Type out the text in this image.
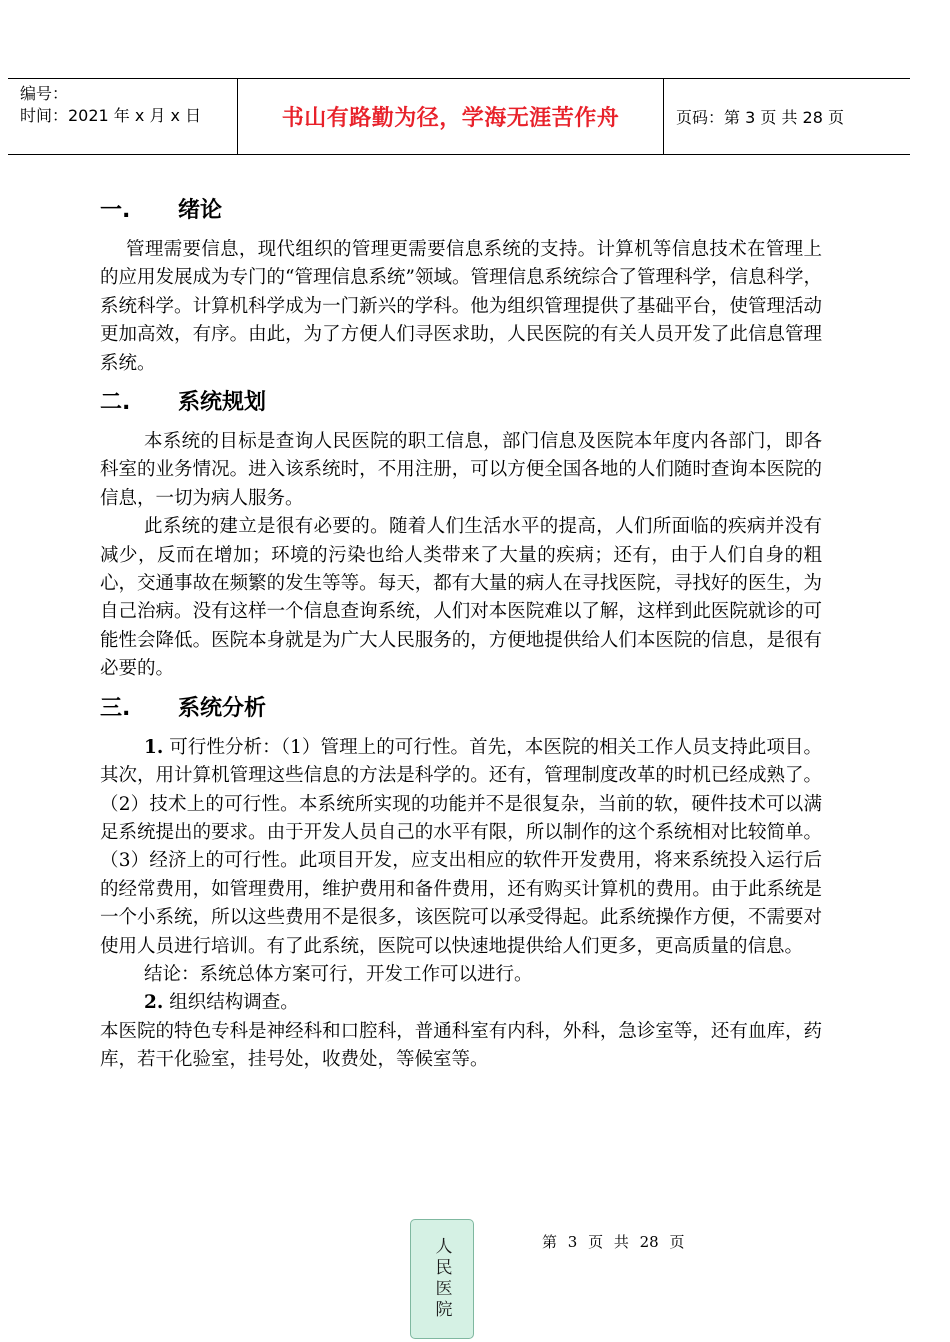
编号：
时间：2021 年 x 月 x 日	书山有路勤为径，学海无涯苦作舟	页码：第 3 页 共 28 页
一.	绪论

管理需要信息，现代组织的管理更需要信息系统的支持。计算机等信息技术在管理上的应用发展成为专门的“管理信息系统”领域。管理信息系统综合了管理科学，信息科学，系统科学。计算机科学成为一门新兴的学科。他为组织管理提供了基础平台，使管理活动更加高效，有序。由此，为了方便人们寻医求助，人民医院的有关人员开发了此信息管理系统。

二.	系统规划

本系统的目标是查询人民医院的职工信息，部门信息及医院本年度内各部门，即各科室的业务情况。进入该系统时，不用注册，可以方便全国各地的人们随时查询本医院的信息，一切为病人服务。

此系统的建立是很有必要的。随着人们生活水平的提高，人们所面临的疾病并没有减少，反而在增加；环境的污染也给人类带来了大量的疾病；还有，由于人们自身的粗心，交通事故在频繁的发生等等。每天，都有大量的病人在寻找医院，寻找好的医生，为自己治病。没有这样一个信息查询系统，人们对本医院难以了解，这样到此医院就诊的可能性会降低。医院本身就是为广大人民服务的，方便地提供给人们本医院的信息，是很有必要的。

三.	系统分析

1. 可行性分析：（1）管理上的可行性。首先，本医院的相关工作人员支持此项目。其次，用计算机管理这些信息的方法是科学的。还有，管理制度改革的时机已经成熟了。（2）技术上的可行性。本系统所实现的功能并不是很复杂，当前的软，硬件技术可以满足系统提出的要求。由于开发人员自己的水平有限，所以制作的这个系统相对比较简单。（3）经济上的可行性。此项目开发，应支出相应的软件开发费用，将来系统投入运行后的经常费用，如管理费用，维护费用和备件费用，还有购买计算机的费用。由于此系统是一个小系统，所以这些费用不是很多，该医院可以承受得起。此系统操作方便，不需要对使用人员进行培训。有了此系统，医院可以快速地提供给人们更多，更高质量的信息。

结论：系统总体方案可行，开发工作可以进行。

2. 组织结构调查。

本医院的特色专科是神经科和口腔科，普通科室有内科，外科，急诊室等，还有血库，药库，若干化验室，挂号处，收费处，等候室等。

人民医院	第 3 页 共 28 页
